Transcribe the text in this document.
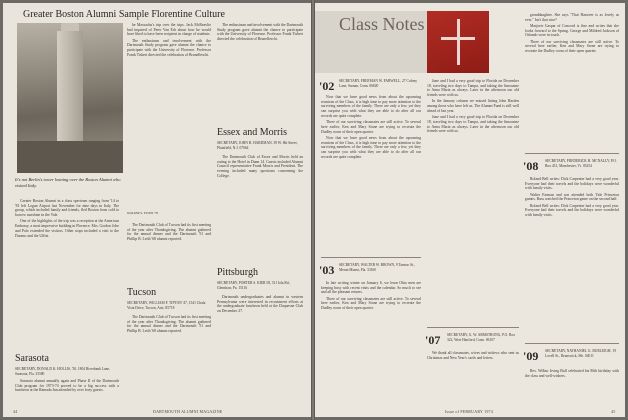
Greater Boston Alumni Sample Florentine Culture
It's not Berlin's tower leaning over the Boston Alumni who visited Italy.

Greater Boston Alumni in a class spectrum ranging from '14 to '81 left Logan Airport last November for nine days in Italy. The group, which included family and friends, fled Boston from cold to borrow sunshine in the Vale.

One of the highlights of the trip was a reception at the American Embassy, a most impressive building in Florence. Mrs. Gordon Jobe and Palo extended the visitors. Other stops included a visit to the Duomo and the Uffizi.

Sarasota
SECRETARY, DONALD K. HOLLIS, '30, 1804 Riverbank Lane, Sarasota, Fla. 33580

Sarasota alumni annually again and Phase II of the Dartmouth Club program for 1973-74 proved to be a big success with a luncheon at the Ramada Inn attended by over forty guests.

he Massachu's trip over the trips. Jack McReavlie had inquired of Peter Van Erh about how he would have liked to have been recipient in charge of students.

The enthusiasm and involvement with the Dartmouth Study program gave alumni the chance to participate with the University of Florence. Professor Frank Tisbert directed the celebration of Brunelleschi.

WALTER S. YUNIS '79

The Dartmouth Club of Tucson had its first meeting of the year after Thanksgiving. The alumni gathered for the annual dinner and the Dartmouth '51 and Phillip B. Leith '68 alumni reported.

Tucson
SECRETARY, WILLIAM F. TIPTON '47, 1541 Chula Vista Drive, Tucson, Ariz. 85718

The Dartmouth Club of Tucson had its first meeting of the year after Thanksgiving. The alumni gathered for the annual dinner and the Dartmouth '51 and Phillip B. Leith '68 alumni reported.

The enthusiasm and involvement with the Dartmouth Study program gave alumni the chance to participate with the University of Florence. Professor Frank Tisbert directed the celebration of Brunelleschi.

Essex and Morris
SECRETARY, JOHN B. HARDMAN, 39 W. 8th Street, Plainfield, N.J. 07064

The Dartmouth Club of Essex and Morris held an outing to the Hotel in Dunn 14. Guests included Alumni Council representative Frank Morris and President. The evening included many questions concerning the College.

Pittsburgh
SECRETARY, PORTER S. KIER III, 311 Iola Rd., Glenshaw, Pa. 15116

Dartmouth undergraduates and alumni in western Pennsylvania were interested in recruitment efforts at the undergraduate luncheon held at the Duquesne Club on December 27.

44	DARTMOUTH ALUMNI MAGAZINE
Class Notes
'02 SECRETARY, FREEMAN W. FARWELL, 27 Colony Lane, Sarnan, Conn. 06820

Now that we have good news from about the upcoming reunions of the Class, it is high time to pay more attention to the surviving members of the family. There are only a few, yet they can surprise you with what they are able to do after all our records are quite complete.

Three of our surviving classmates are still active. To several here earlier, Ken and Mary Stone are trying to recreate the Dudley room of their open quarter.

Now that we have good news from about the upcoming reunions of the Class, it is high time to pay more attention to the surviving members of the family. There are only a few, yet they can surprise you with what they are able to do after all our records are quite complete.

'03 SECRETARY, WALTER W. BROWN, 9 Tarmac St., Meran Miami, Fla. 33160

In late writing winter on January 6, we learn Ohio men are keeping busy with recent visits and the calendar. So much to see and all the pleasant returns.

Three of our surviving classmates are still active. To several here earlier, Ken and Mary Stone are trying to recreate the Dudley room of their open quarter.

June and I had a very good trip to Florida on December 18, traveling two days to Tampa, and taking the limousine to Anna Maria as always. Later in the afternoon our old friends were with us.

In the January column we missed listing John Harden among those who have left us. The Alumni Fund is still well ahead of last year.

June and I had a very good trip to Florida on December 18, traveling two days to Tampa, and taking the limousine to Anna Maria as always. Later in the afternoon our old friends were with us.

'07 SECRETARY, G. W. ARMSTRONG, P.O. Box 322, West Hartford, Conn. 06107

We thank all classmates, wives and widows who sent us Christmas and New Year's cards and letters.

granddaughter. She says "That Hanover is as lovely as ever." Isn't that nice?

Marjorie Gaspar of Concord is fine and writes that she looks forward to the Spring. George and Mildred Jackson of Orlando were in touch.

Three of our surviving classmates are still active. To several here earlier, Ken and Mary Stone are trying to recreate the Dudley room of their open quarter.

'08 SECRETARY, FREDERICK H. MCNALLY, P.O. Box 431, Manchester, Vt. 05254

Roland Bell writes: Dick Carpenter had a very good year. Everyone had their travels and the holidays were wonderful with family visits.

Walter Farman and son attended both Yale Princeton games. Russ watched the Princeton game on the second half.

Roland Bell writes: Dick Carpenter had a very good year. Everyone had their travels and the holidays were wonderful with family visits.

'09 SECRETARY, NATHANIEL G. BURLEIGH, 19 Lovell St., Brunswick, Me. 04011

Rev. Wilbur Irving Bull celebrated his 86th birthday with the class and well-wishers.

Issue of FEBRUARY 1974	45
